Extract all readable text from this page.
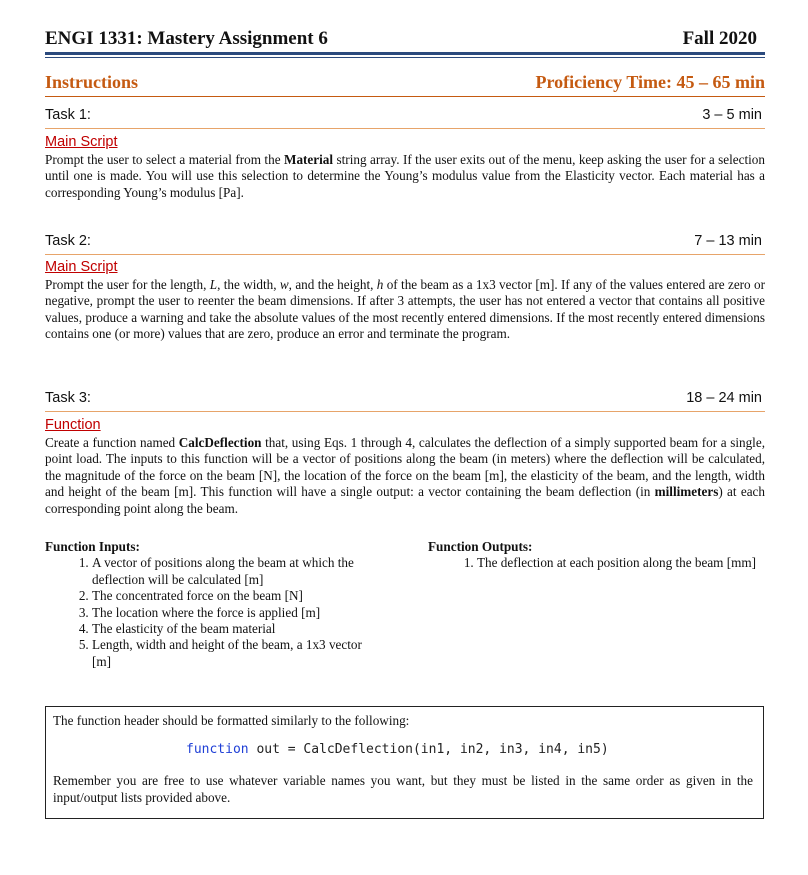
ENGI 1331: Mastery Assignment 6	Fall 2020
Instructions	Proficiency Time: 45 – 65 min
Task 1:	3 – 5 min
Main Script
Prompt the user to select a material from the Material string array. If the user exits out of the menu, keep asking the user for a selection until one is made. You will use this selection to determine the Young’s modulus value from the Elasticity vector. Each material has a corresponding Young’s modulus [Pa].
Task 2:	7 – 13 min
Main Script
Prompt the user for the length, L, the width, w, and the height, h of the beam as a 1x3 vector [m]. If any of the values entered are zero or negative, prompt the user to reenter the beam dimensions. If after 3 attempts, the user has not entered a vector that contains all positive values, produce a warning and take the absolute values of the most recently entered dimensions. If the most recently entered dimensions contains one (or more) values that are zero, produce an error and terminate the program.
Task 3:	18 – 24 min
Function
Create a function named CalcDeflection that, using Eqs. 1 through 4, calculates the deflection of a simply supported beam for a single, point load. The inputs to this function will be a vector of positions along the beam (in meters) where the deflection will be calculated, the magnitude of the force on the beam [N], the location of the force on the beam [m], the elasticity of the beam, and the length, width and height of the beam [m]. This function will have a single output: a vector containing the beam deflection (in millimeters) at each corresponding point along the beam.
Function Inputs:
1. A vector of positions along the beam at which the deflection will be calculated [m]
2. The concentrated force on the beam [N]
3. The location where the force is applied [m]
4. The elasticity of the beam material
5. Length, width and height of the beam, a 1x3 vector [m]
Function Outputs:
1. The deflection at each position along the beam [mm]
The function header should be formatted similarly to the following:
function out = CalcDeflection(in1, in2, in3, in4, in5)
Remember you are free to use whatever variable names you want, but they must be listed in the same order as given in the input/output lists provided above.
